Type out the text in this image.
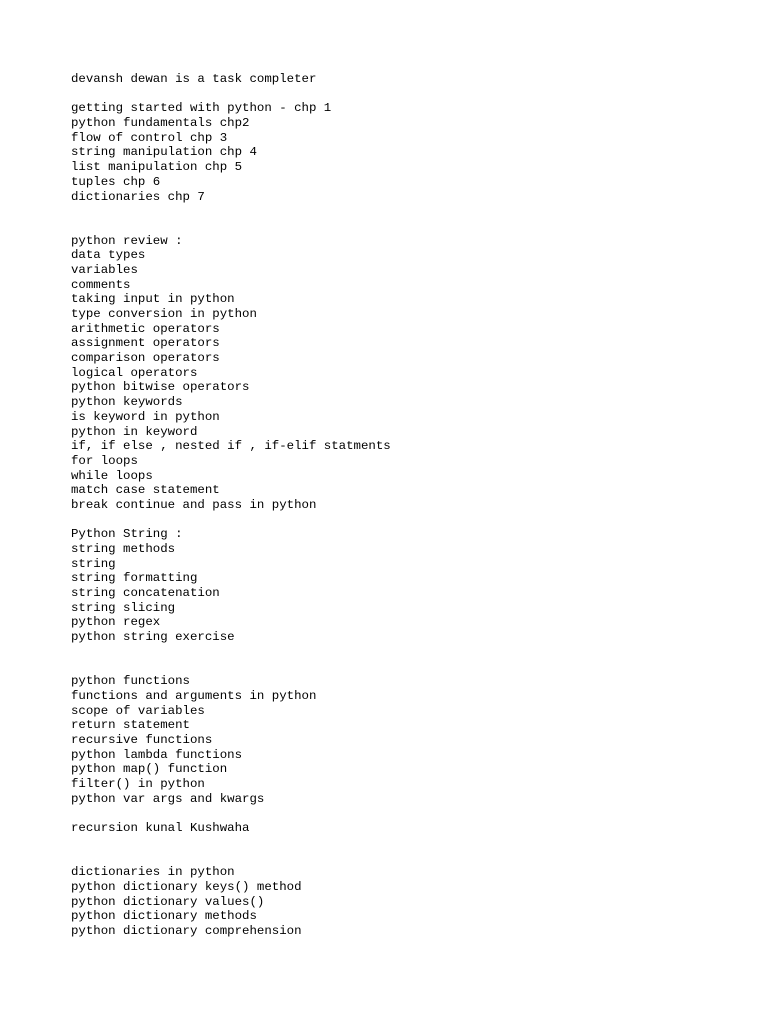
devansh dewan is a task completer
getting started with python - chp 1
python fundamentals chp2
flow of control chp 3
string manipulation chp 4
list manipulation chp 5
tuples chp 6
dictionaries chp 7
python review :
data types
variables
comments
taking input in python
type conversion in python
arithmetic operators
assignment operators
comparison operators
logical operators
python bitwise operators
python keywords
is keyword in python
python in keyword
if, if else , nested if , if-elif statments
for loops
while loops
match case statement
break continue and pass in python
Python String :
string methods
string
string formatting
string concatenation
string slicing
python regex
python string exercise
python functions
functions and arguments in python
scope of variables
return statement
recursive functions
python lambda functions
python map() function
filter() in python
python var args and kwargs
recursion kunal Kushwaha
dictionaries in python
python dictionary keys() method
python dictionary values()
python dictionary methods
python dictionary comprehension
